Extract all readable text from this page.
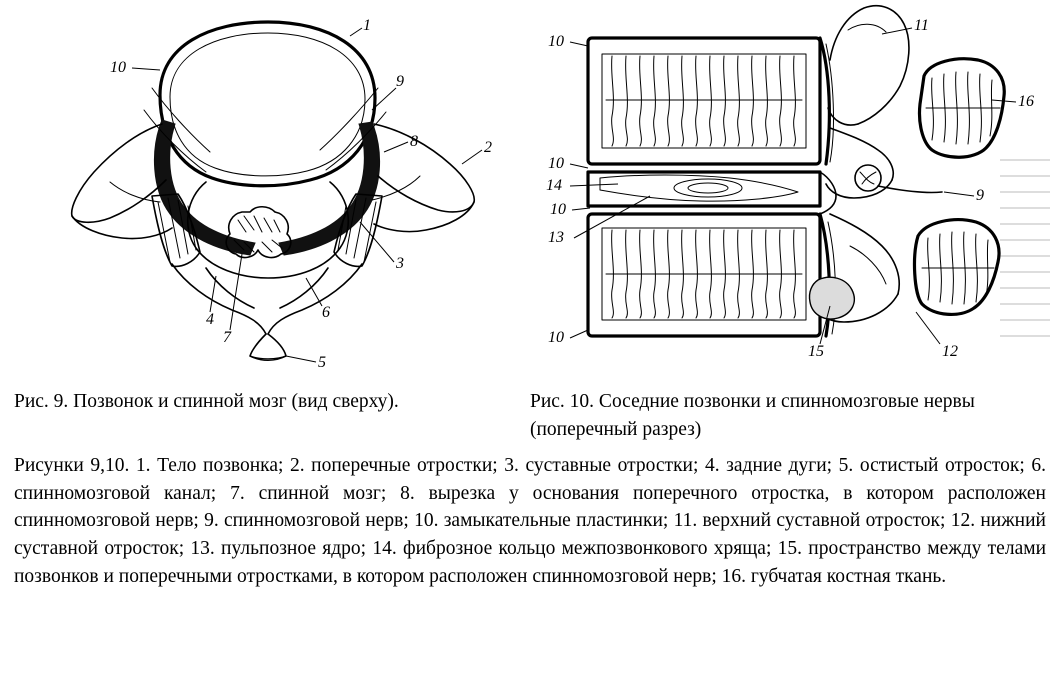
1
2
3
4
5
6
7
8
9
10
10
10
14
10
13
10
11
16
9
15	12
Рис. 9. Позвонок и спинной мозг (вид сверху).	Рис. 10. Соседние позвонки и спинномозговые нервы (поперечный разрез)

Рисунки 9,10. 1. Тело позвонка; 2. поперечные отростки; 3. суставные отростки; 4. задние дуги; 5. остистый отросток; 6. спинномозговой канал; 7. спинной мозг; 8. вырезка у основания поперечного отростка, в котором расположен спинномозговой нерв; 9. спинномозговой нерв; 10. замыкательные пластинки; 11. верхний суставной отросток; 12. нижний суставной отросток; 13. пульпозное ядро; 14. фиброзное кольцо межпозвонкового хряща; 15. пространство между телами позвонков и поперечными отростками, в котором расположен спинномозговой нерв; 16. губчатая костная ткань.
